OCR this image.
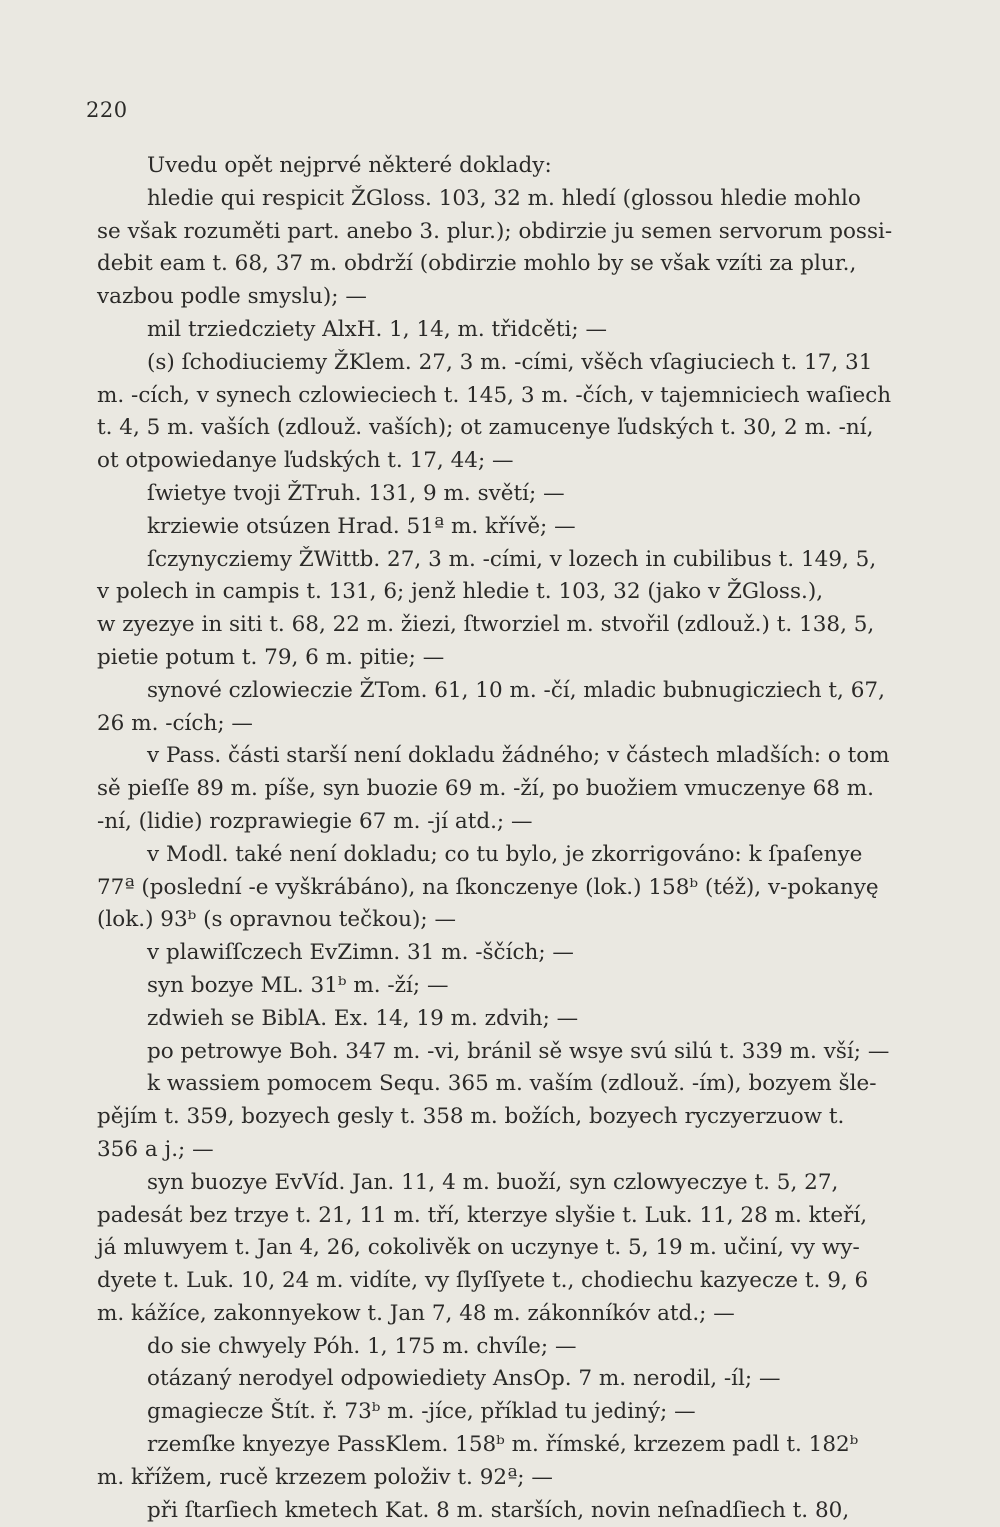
220
Uvedu opět nejprvé některé doklady:
hledie qui respicit ŽGloss. 103, 32 m. hledí (glossou hledie mohlo
se však rozuměti part. anebo 3. plur.); obdirzie ju semen servorum possi-
debit eam t. 68, 37 m. obdrží (obdirzie mohlo by se však vzíti za plur.,
vazbou podle smyslu); —
mil trziedcziety AlxH. 1, 14, m. třidcěti; —
(s) ſchodiuciemy ŽKlem. 27, 3 m. -cími, všěch vſagiuciech t. 17, 31
m. -cích, v synech czlowieciech t. 145, 3 m. -čích, v tajemniciech waſiech
t. 4, 5 m. vaších (zdlouž. vaších); ot zamucenye ľudských t. 30, 2 m. -ní,
ot otpowiedanye ľudských t. 17, 44; —
ſwietye tvoji ŽTruh. 131, 9 m. světí; —
krziewie otsúzen Hrad. 51ª m. křívě; —
ſczynycziemy ŽWittb. 27, 3 m. -cími, v lozech in cubilibus t. 149, 5,
v polech in campis t. 131, 6; jenž hledie t. 103, 32 (jako v ŽGloss.),
w zyezye in siti t. 68, 22 m. žiezi, ſtworziel m. stvořil (zdlouž.) t. 138, 5,
pietie potum t. 79, 6 m. pitie; —
synové czlowieczie ŽTom. 61, 10 m. -čí, mladic bubnugicziech t, 67,
26 m. -cích; —
v Pass. části starší není dokladu žádného; v částech mladších: o tom
sě pieſſe 89 m. píše, syn buozie 69 m. -ží, po buožiem vmuczenye 68 m.
-ní, (lidie) rozprawiegie 67 m. -jí atd.; —
v Modl. také není dokladu; co tu bylo, je zkorrigováno: k ſpaſenye
77ª (poslední -e vyškrábáno), na ſkonczenye (lok.) 158ᵇ (též), v-pokanyę
(lok.) 93ᵇ (s opravnou tečkou); —
v plawiſſczech EvZimn. 31 m. -ščích; —
syn bozye ML. 31ᵇ m. -ží; —
zdwieh se BiblA. Ex. 14, 19 m. zdvih; —
po petrowye Boh. 347 m. -vi, bránil sě wsye svú silú t. 339 m. vší; —
k wassiem pomocem Sequ. 365 m. vaším (zdlouž. -ím), bozyem šle-
pějím t. 359, bozyech gesly t. 358 m. božích, bozyech ryczyerzuow t.
356 a j.; —
syn buozye EvVíd. Jan. 11, 4 m. buoží, syn czlowyeczye t. 5, 27,
padesát bez trzye t. 21, 11 m. tří, kterzye slyšie t. Luk. 11, 28 m. kteří,
já mluwyem t. Jan 4, 26, cokolivěk on uczynye t. 5, 19 m. učiní, vy wy-
dyete t. Luk. 10, 24 m. vidíte, vy ſlyſſyete t., chodiechu kazyecze t. 9, 6
m. kážíce, zakonnyekow t. Jan 7, 48 m. zákonníkóv atd.; —
do sie chwyely Póh. 1, 175 m. chvíle; —
otázaný nerodyel odpowiediety AnsOp. 7 m. nerodil, -íl; —
gmagiecze Štít. ř. 73ᵇ m. -jíce, příklad tu jediný; —
rzemſke knyezye PassKlem. 158ᵇ m. římské, krzezem padl t. 182ᵇ
m. křížem, rucě krzezem položiv t. 92ª; —
při ſtarſiech kmetech Kat. 8 m. starších, novin neſnadſiech t. 80,
